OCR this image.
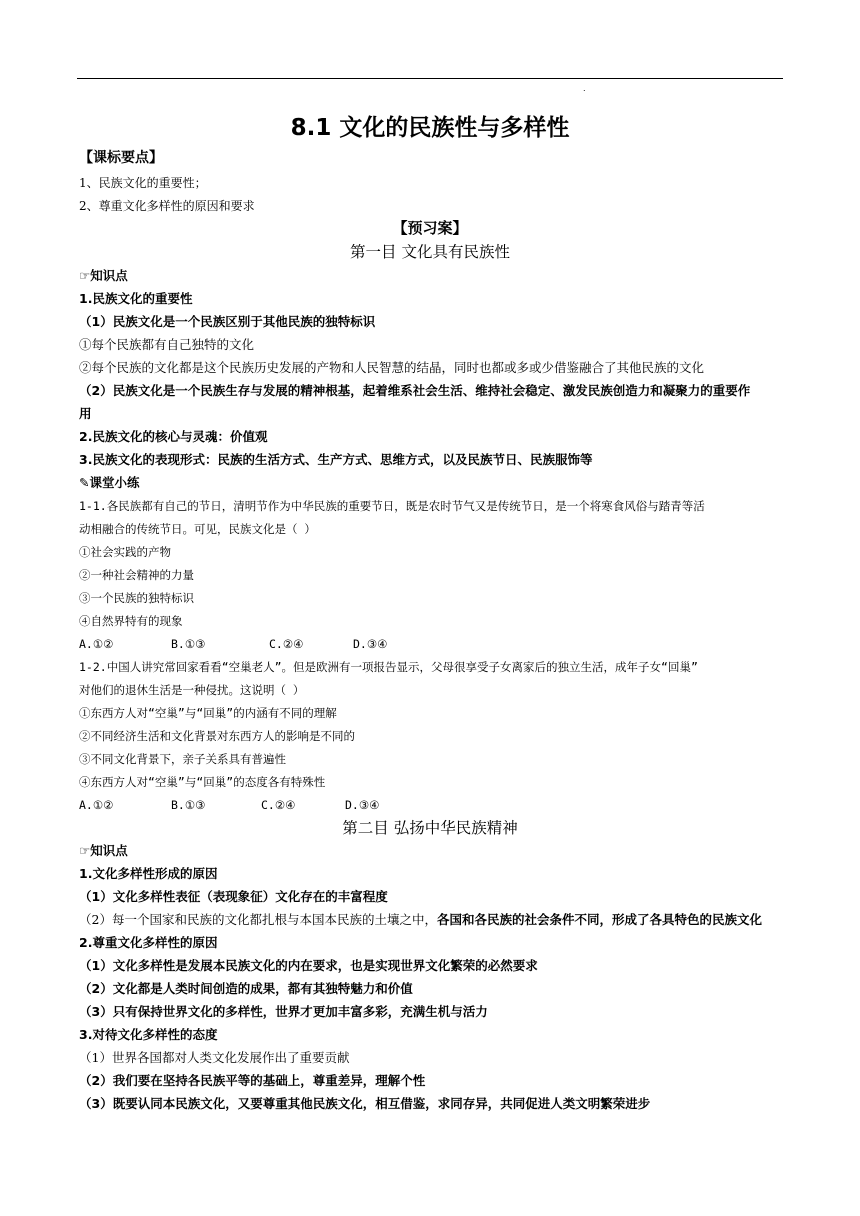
.
8.1 文化的民族性与多样性
【课标要点】
1、民族文化的重要性；
2、尊重文化多样性的原因和要求
【预习案】
第一目 文化具有民族性
☞知识点
1.民族文化的重要性
（1）民族文化是一个民族区别于其他民族的独特标识
①每个民族都有自己独特的文化
②每个民族的文化都是这个民族历史发展的产物和人民智慧的结晶，同时也都或多或少借鉴融合了其他民族的文化
（2）民族文化是一个民族生存与发展的精神根基，起着维系社会生活、维持社会稳定、激发民族创造力和凝聚力的重要作
用
2.民族文化的核心与灵魂：价值观
3.民族文化的表现形式：民族的生活方式、生产方式、思维方式，以及民族节日、民族服饰等
✎课堂小练
1-1.各民族都有自己的节日，清明节作为中华民族的重要节日，既是农时节气又是传统节日，是一个将寒食风俗与踏青等活
动相融合的传统节日。可见，民族文化是（ ）
①社会实践的产物
②一种社会精神的力量
③一个民族的独特标识
④自然界特有的现象
A.①②	B.①③	C.②④	D.③④
1-2.中国人讲究常回家看看“空巢老人”。但是欧洲有一项报告显示，父母很享受子女离家后的独立生活，成年子女“回巢”
对他们的退休生活是一种侵扰。这说明（ ）
①东西方人对“空巢”与“回巢”的内涵有不同的理解
②不同经济生活和文化背景对东西方人的影响是不同的
③不同文化背景下，亲子关系具有普遍性
④东西方人对“空巢”与“回巢”的态度各有特殊性
A.①②	B.①③	C.②④	D.③④
第二目 弘扬中华民族精神
☞知识点
1.文化多样性形成的原因
（1）文化多样性表征（表现象征）文化存在的丰富程度
（2）每一个国家和民族的文化都扎根与本国本民族的土壤之中，各国和各民族的社会条件不同，形成了各具特色的民族文化
2.尊重文化多样性的原因
（1）文化多样性是发展本民族文化的内在要求，也是实现世界文化繁荣的必然要求
（2）文化都是人类时间创造的成果，都有其独特魅力和价值
（3）只有保持世界文化的多样性，世界才更加丰富多彩，充满生机与活力
3.对待文化多样性的态度
（1）世界各国都对人类文化发展作出了重要贡献
（2）我们要在坚持各民族平等的基础上，尊重差异，理解个性
（3）既要认同本民族文化，又要尊重其他民族文化，相互借鉴，求同存异，共同促进人类文明繁荣进步
